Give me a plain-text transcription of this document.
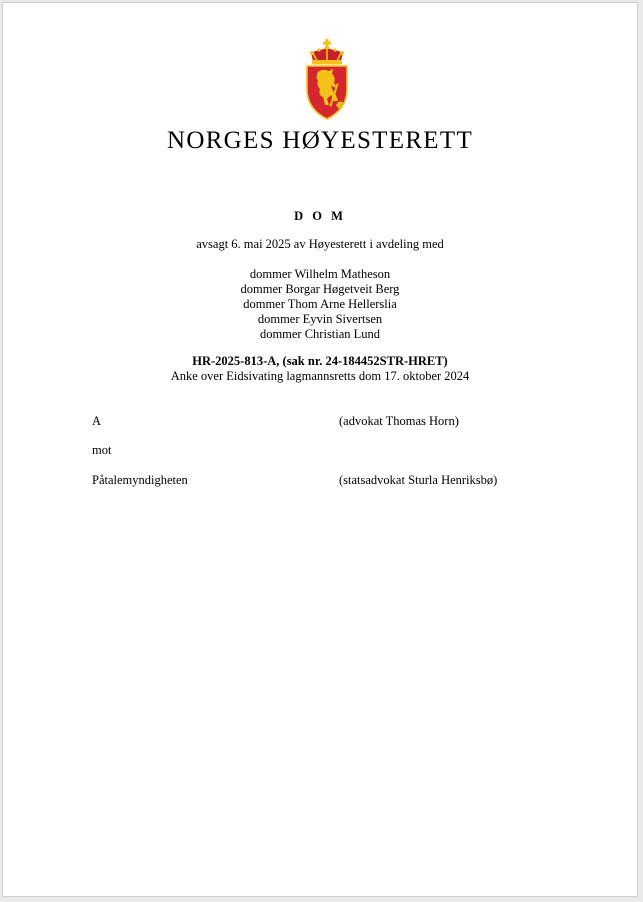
NORGES HØYESTERETT
D O M
avsagt 6. mai 2025 av Høyesterett i avdeling med
dommer Wilhelm Matheson
dommer Borgar Høgetveit Berg
dommer Thom Arne Hellerslia
dommer Eyvin Sivertsen
dommer Christian Lund
HR-2025-813-A, (sak nr. 24-184452STR-HRET)
Anke over Eidsivating lagmannsretts dom 17. oktober 2024
A	(advokat Thomas Horn)
mot
Påtalemyndigheten	(statsadvokat Sturla Henriksbø)
